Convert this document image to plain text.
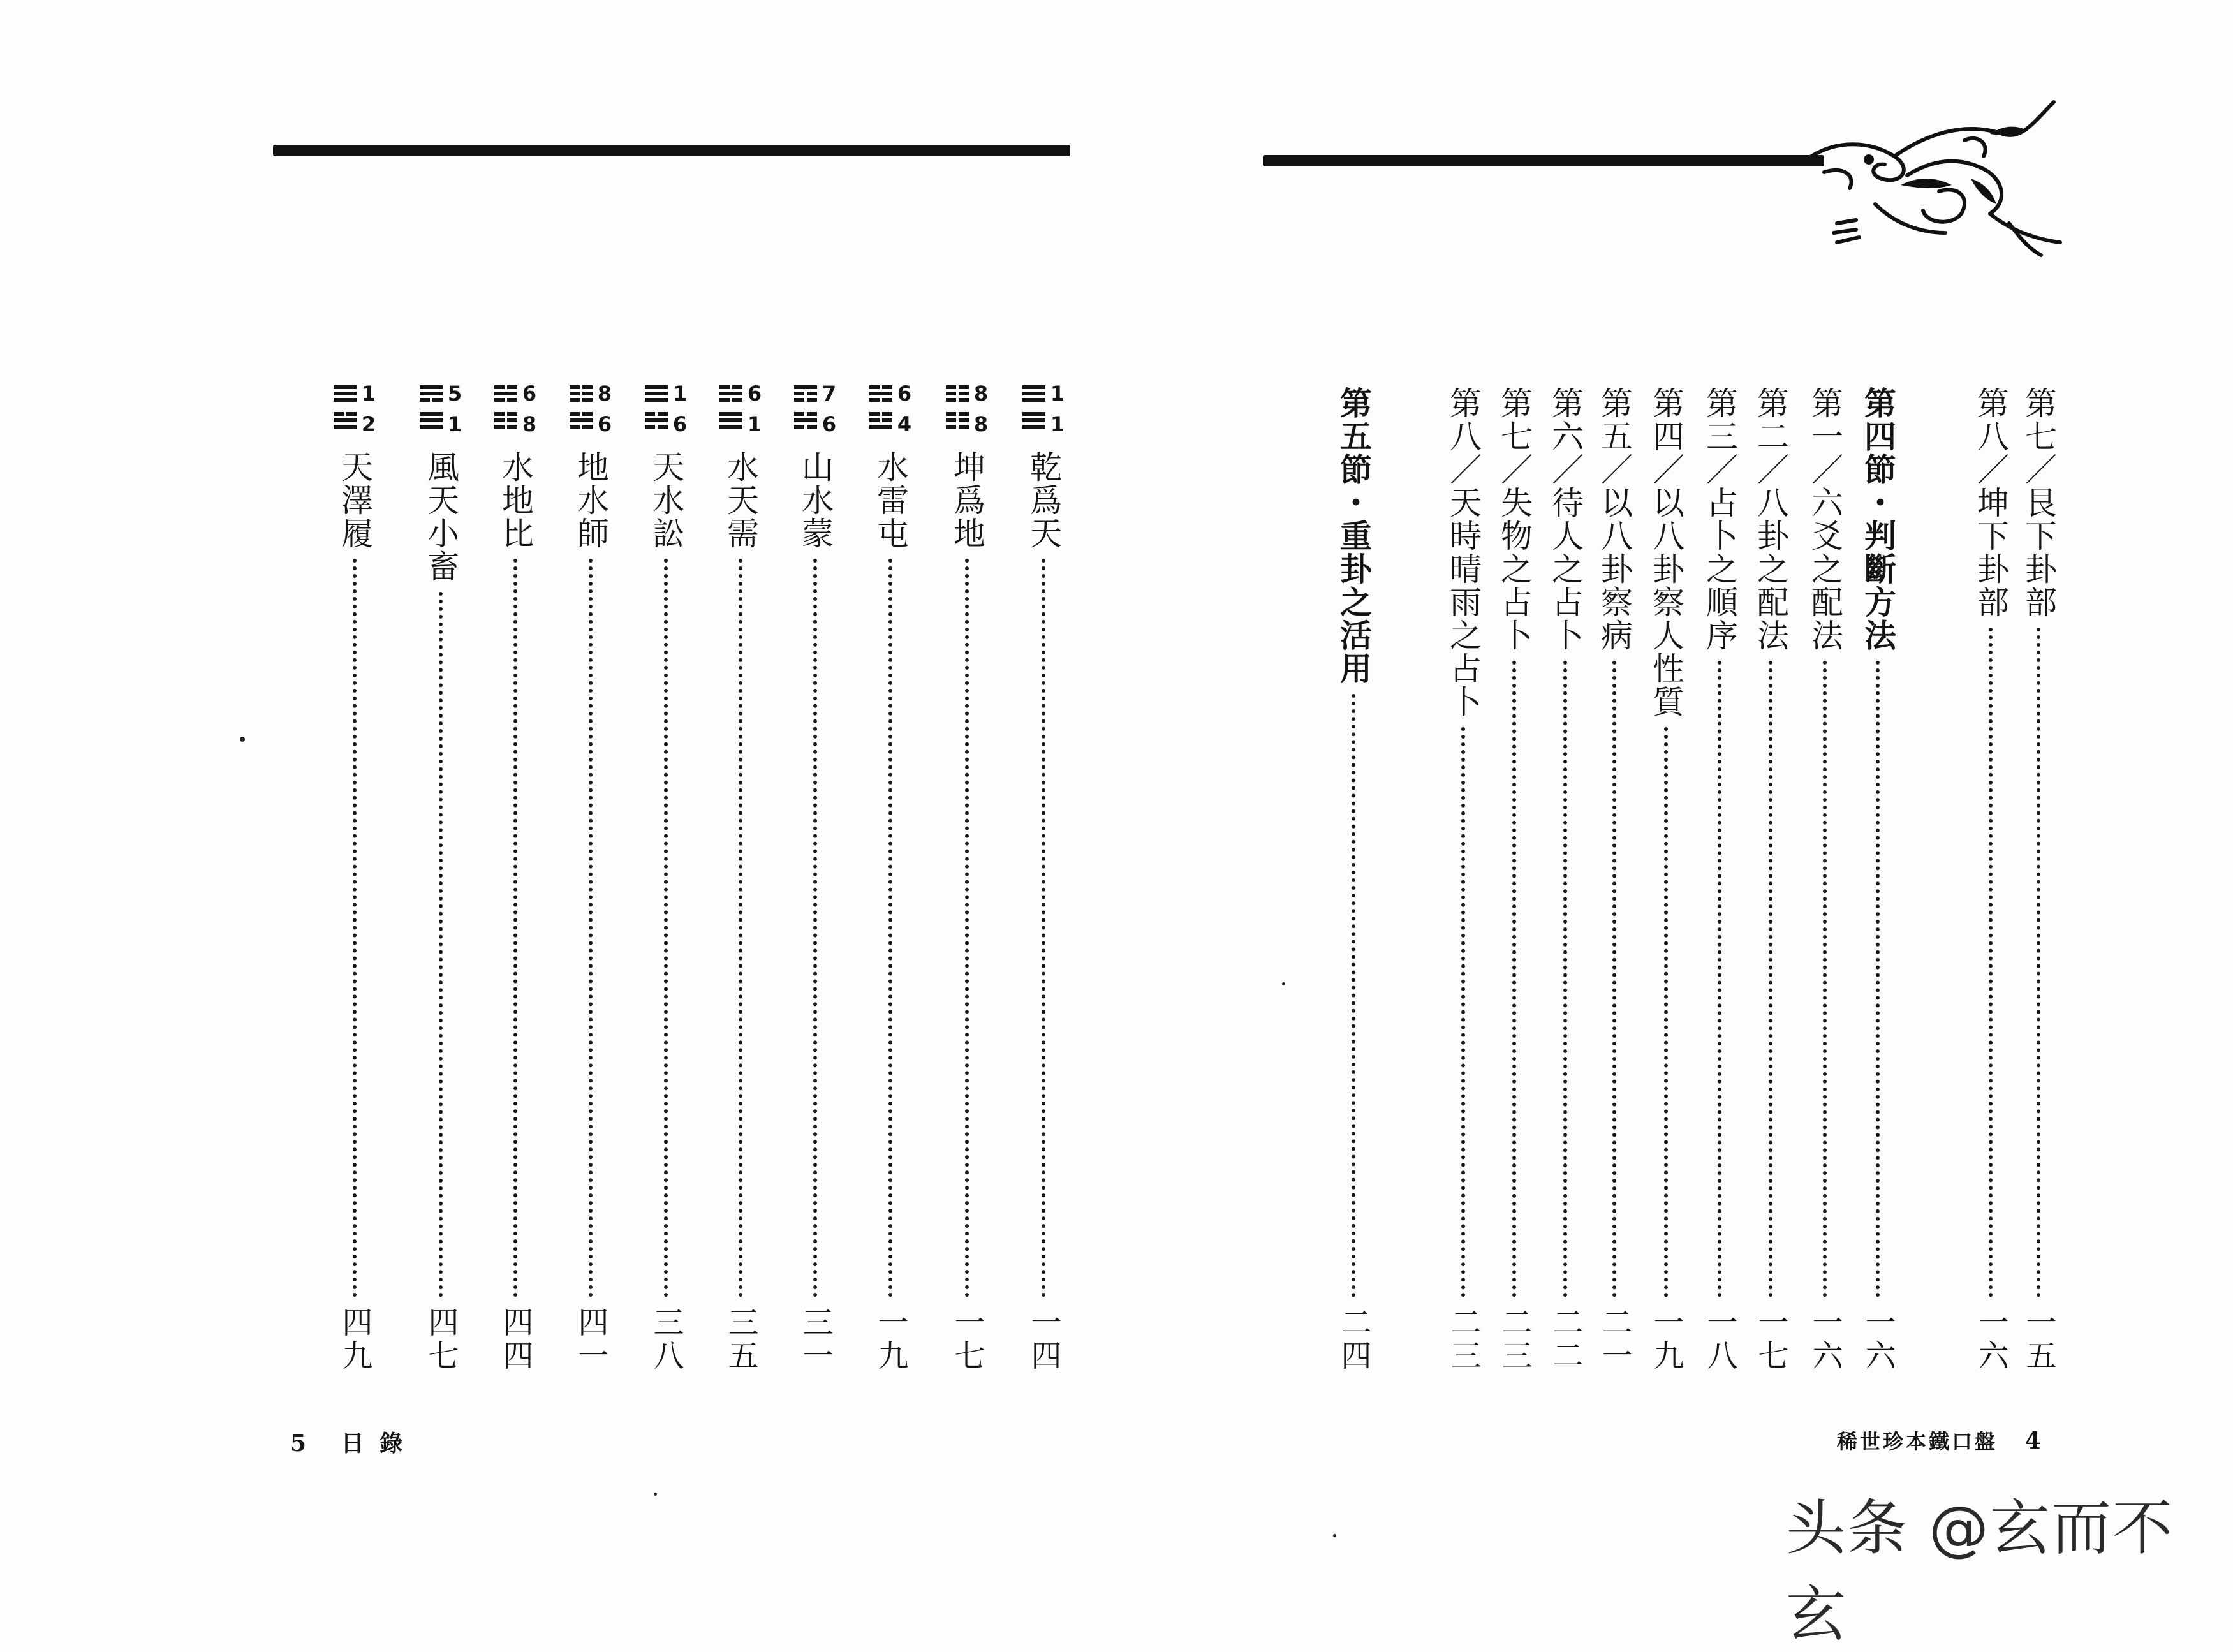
1
1
乾爲天
一四
8
8
坤爲地
一七
6
4
水雷屯
一九
7
6
山水蒙
三一
6
1
水天需
三五
1
6
天水訟
三八
8
6
地水師
四一
6
8
水地比
四四
5
1
風天小畜
四七
1
2
天澤履
四九
5 日 錄
第七／艮下卦部
一五
第八／坤下卦部
一六
第四節・判斷方法
一六
第一／六爻之配法
一六
第二／八卦之配法
一七
第三／占卜之順序
一八
第四／以八卦察人性質
一九
第五／以八卦察病
二一
第六／待人之占卜
二二
第七／失物之占卜
二三
第八／天時晴雨之占卜
二三
第五節・重卦之活用
二四
稀世珍本鐵口盤 4
头条 @玄而不玄
